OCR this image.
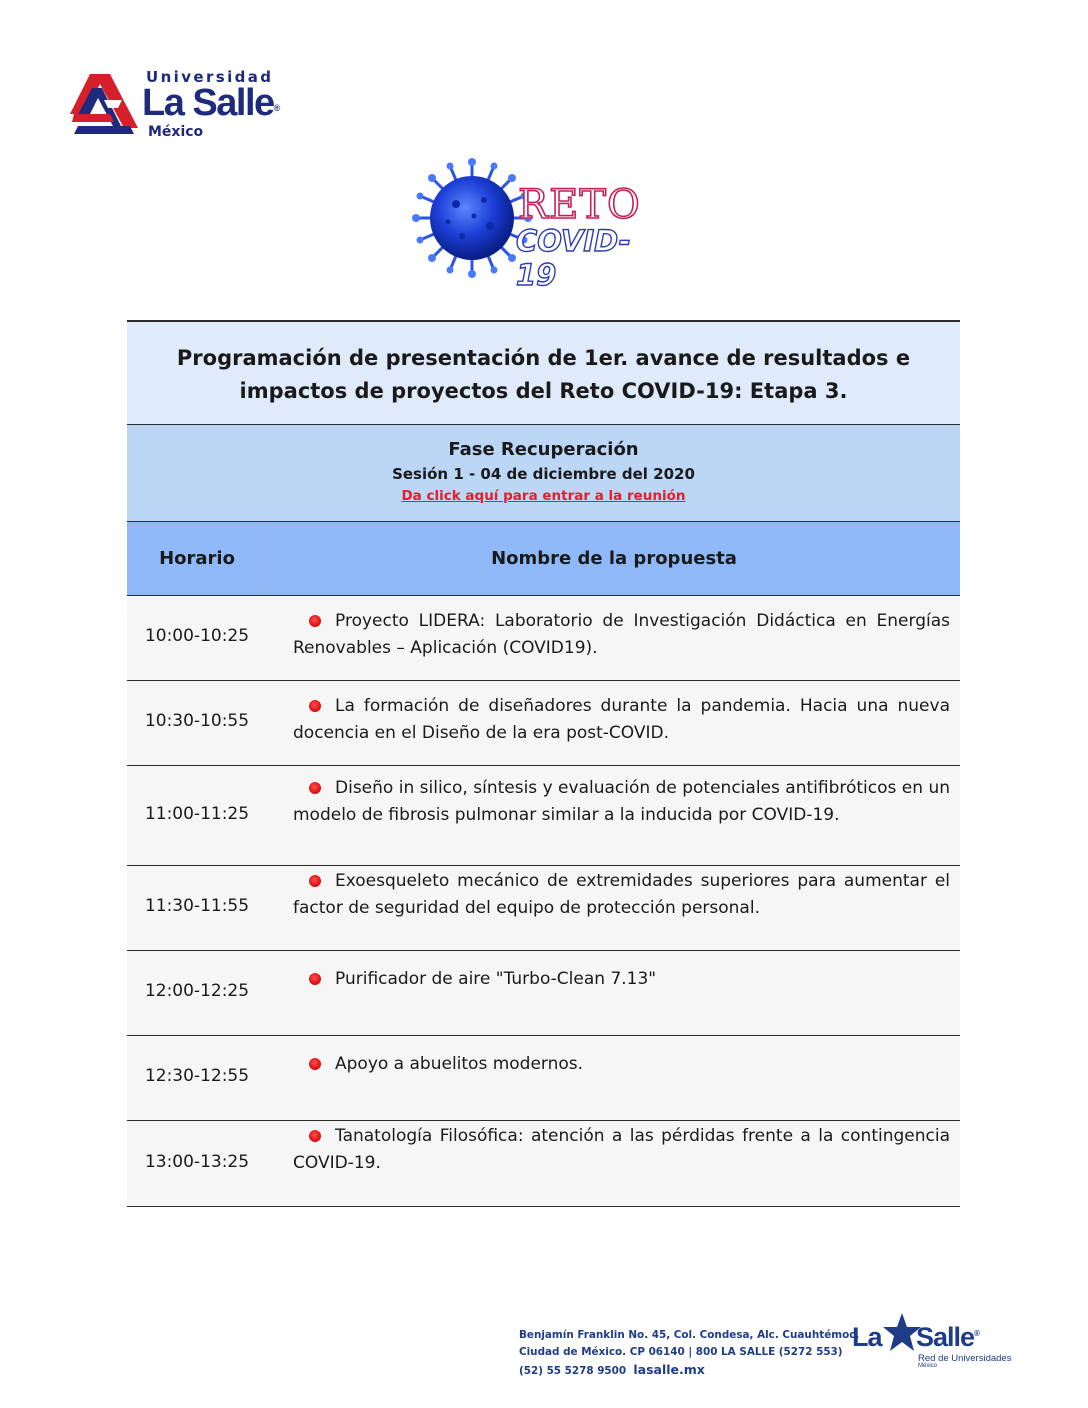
Universidad
La Salle®
México
RETO
COVID-19
Programación de presentación de 1er. avance de resultados e impactos de proyectos del Reto COVID-19: Etapa 3.
Fase Recuperación
Sesión 1 - 04 de diciembre del 2020
Da click aquí para entrar a la reunión
Horario	Nombre de la propuesta
10:00-10:25
Proyecto LIDERA: Laboratorio de Investigación Didáctica en Energías Renovables – Aplicación (COVID19).
10:30-10:55
La formación de diseñadores durante la pandemia. Hacia una nueva docencia en el Diseño de la era post-COVID.
11:00-11:25
Diseño in silico, síntesis y evaluación de potenciales antifibróticos en un modelo de fibrosis pulmonar similar a la inducida por COVID-19.
11:30-11:55
Exoesqueleto mecánico de extremidades superiores para aumentar el factor de seguridad del equipo de protección personal.
12:00-12:25
Purificador de aire "Turbo-Clean 7.13"
12:30-12:55
Apoyo a abuelitos modernos.
13:00-13:25
Tanatología Filosófica: atención a las pérdidas frente a la contingencia COVID-19.
Benjamín Franklin No. 45, Col. Condesa, Alc. Cuauhtémoc,
Ciudad de México. CP 06140 | 800 LA SALLE (5272 553)
(52) 55 5278 9500 lasalle.mx
La Salle®
Red de Universidades
México
